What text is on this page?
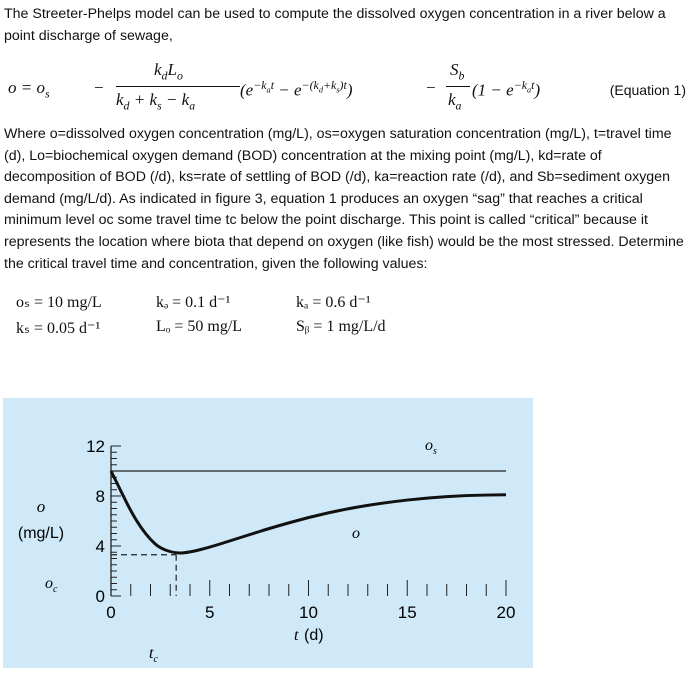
The Streeter-Phelps model can be used to compute the dissolved oxygen concentration in a river below a point discharge of sewage,
$o = o_s$	−
$k_dL_o$
$k_d + k_s - k_a$
$(e^{-k_at} - e^{-(k_d+k_s)t})$	−
$S_b$
$k_a$
$(1 - e^{-k_at})$	(Equation 1)
Where o=dissolved oxygen concentration (mg/L), os=oxygen saturation concentration (mg/L), t=travel time (d), Lo=biochemical oxygen demand (BOD) concentration at the mixing point (mg/L), kd=rate of decomposition of BOD (/d), ks=rate of settling of BOD (/d), ka=reaction rate (/d), and Sb=sediment oxygen demand (mg/L/d). As indicated in figure 3, equation 1 produces an oxygen “sag” that reaches a critical minimum level oc some travel time tc below the point discharge. This point is called “critical” because it represents the location where biota that depend on oxygen (like fish) would be the most stressed. Determine the critical travel time and concentration, given the following values:
oₛ = 10 mg/L	kₔ = 0.1 d⁻¹	kₐ = 0.6 d⁻¹
kₛ = 0.05 d⁻¹	Lₒ = 50 mg/L	Sᵦ = 1 mg/L/d
12
8
4
0
0	5	10	15	20
o
(mg/L)
t (d)
$o_c$
$t_c$
$o_s$
o
